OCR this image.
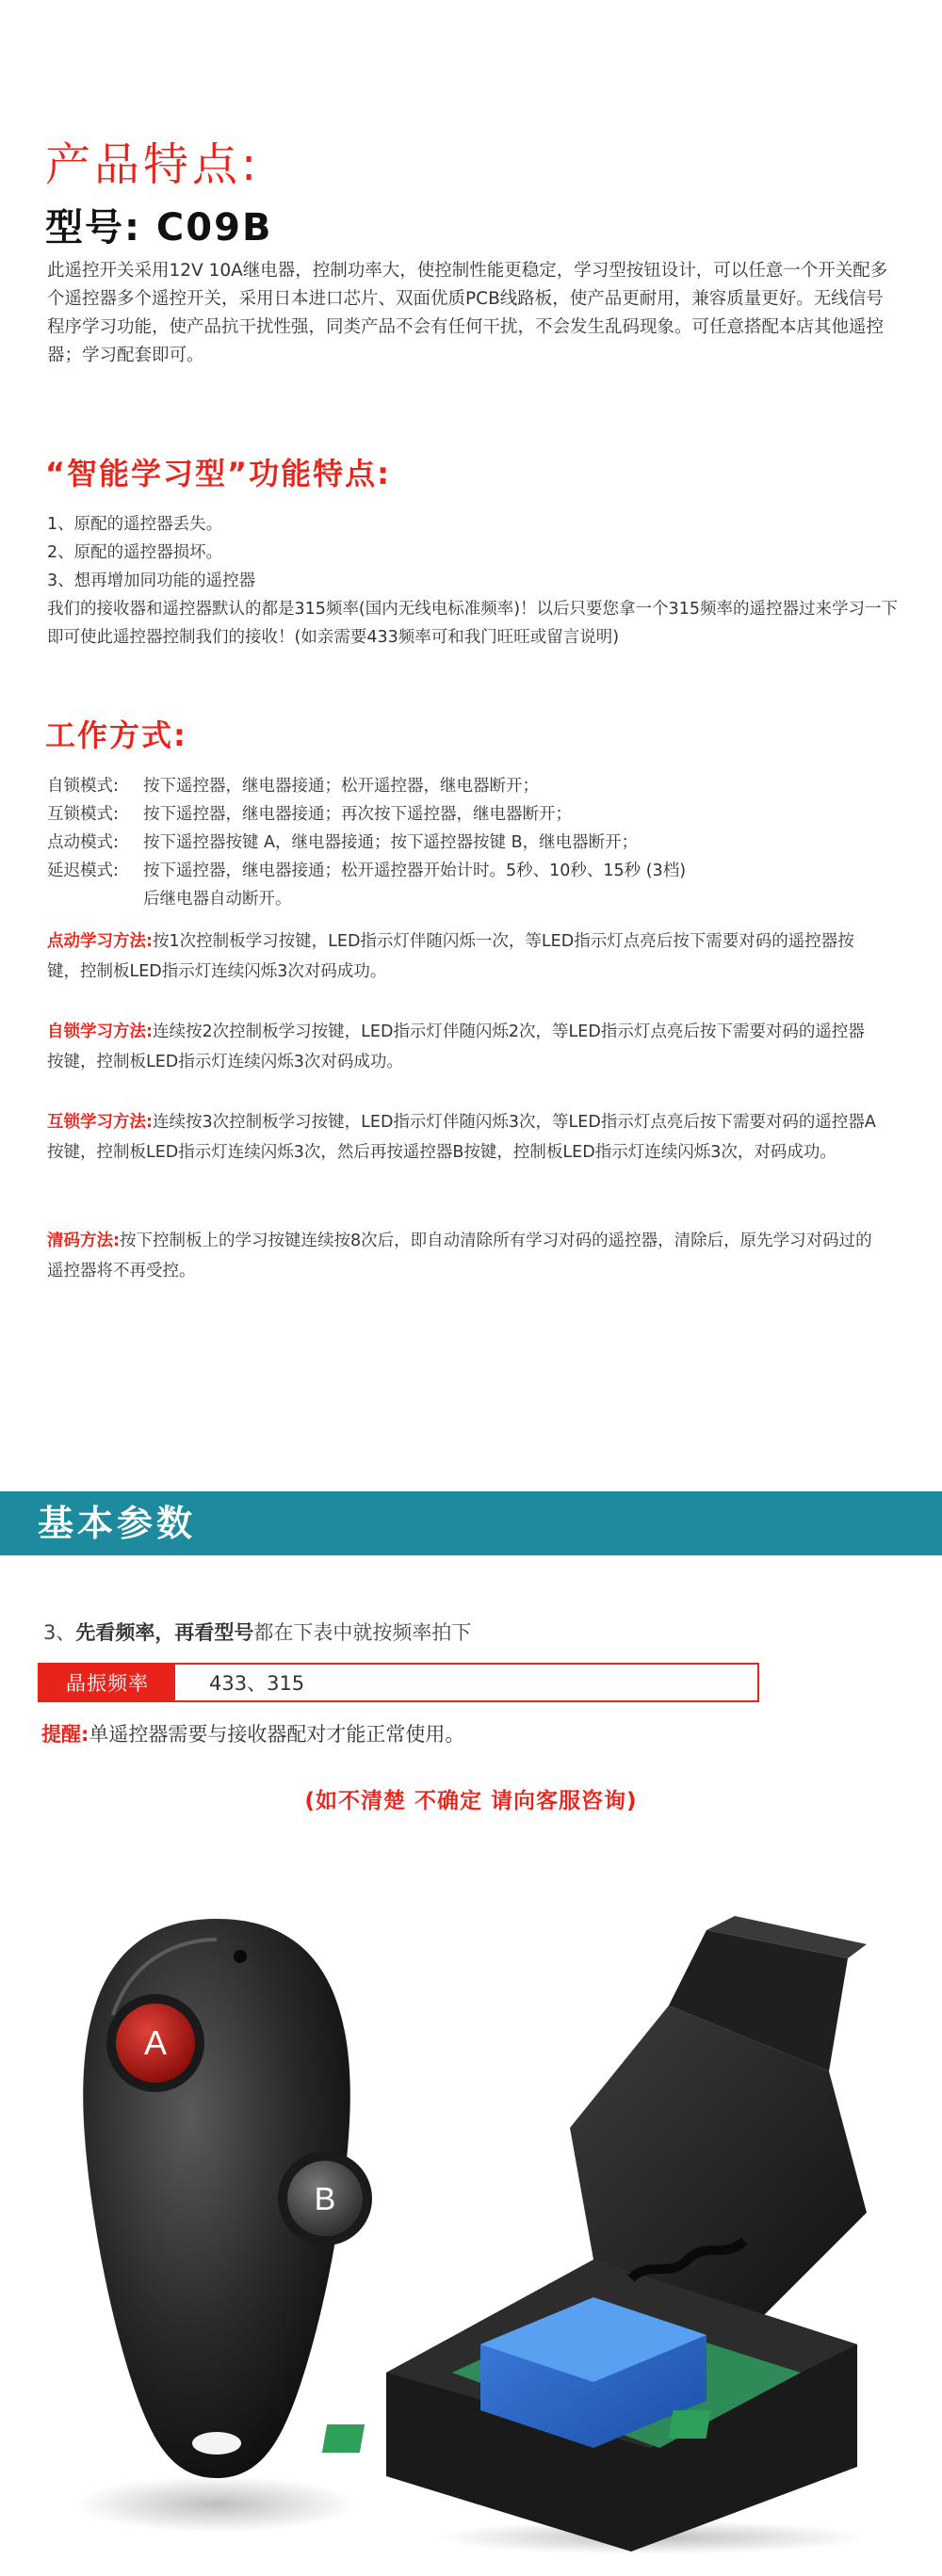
产品特点:
型号: C09B

此遥控开关采用12V 10A继电器，控制功率大，使控制性能更稳定，学习型按钮设计，可以任意一个开关配多个遥控器多个遥控开关，采用日本进口芯片、双面优质PCB线路板，使产品更耐用，兼容质量更好。无线信号程序学习功能，使产品抗干扰性强，同类产品不会有任何干扰，不会发生乱码现象。可任意搭配本店其他遥控器；学习配套即可。

“智能学习型”功能特点:
1、原配的遥控器丢失。
2、原配的遥控器损坏。
3、想再增加同功能的遥控器
我们的接收器和遥控器默认的都是315频率(国内无线电标准频率)！以后只要您拿一个315频率的遥控器过来学习一下即可使此遥控器控制我们的接收！(如亲需要433频率可和我门旺旺或留言说明)
工作方式:
自锁模式:	按下遥控器，继电器接通；松开遥控器，继电器断开；
互锁模式:	按下遥控器，继电器接通；再次按下遥控器，继电器断开；
点动模式:	按下遥控器按键 A，继电器接通；按下遥控器按键 B，继电器断开；
延迟模式:	按下遥控器，继电器接通；松开遥控器开始计时。5秒、10秒、15秒 (3档)
后继电器自动断开。

点动学习方法:按1次控制板学习按键，LED指示灯伴随闪烁一次，等LED指示灯点亮后按下需要对码的遥控器按键，控制板LED指示灯连续闪烁3次对码成功。

自锁学习方法:连续按2次控制板学习按键，LED指示灯伴随闪烁2次，等LED指示灯点亮后按下需要对码的遥控器按键，控制板LED指示灯连续闪烁3次对码成功。

互锁学习方法:连续按3次控制板学习按键，LED指示灯伴随闪烁3次，等LED指示灯点亮后按下需要对码的遥控器A按键，控制板LED指示灯连续闪烁3次，然后再按遥控器B按键，控制板LED指示灯连续闪烁3次，对码成功。

清码方法:按下控制板上的学习按键连续按8次后，即自动清除所有学习对码的遥控器，清除后，原先学习对码过的遥控器将不再受控。

基本参数
3、先看频率，再看型号都在下表中就按频率拍下
晶振频率	433、315
提醒:单遥控器需要与接收器配对才能正常使用。
(如不清楚 不确定 请向客服咨询)
A
B
